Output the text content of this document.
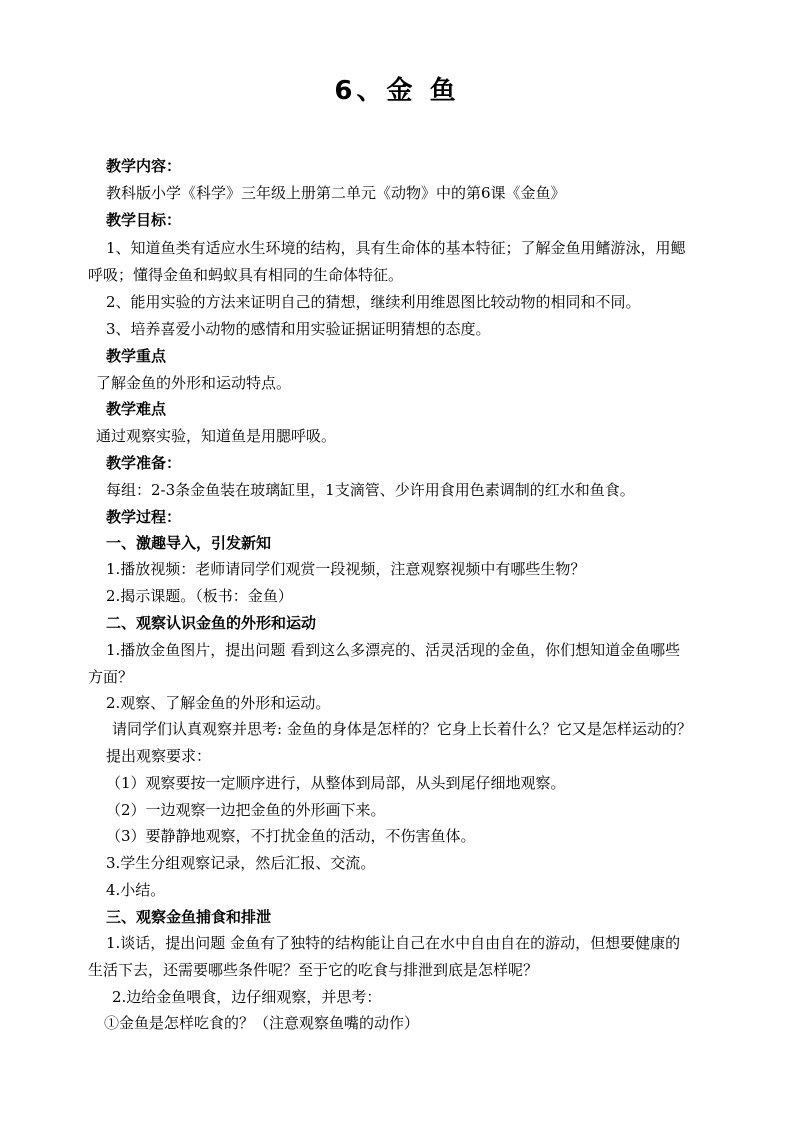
6、金 鱼
教学内容：
教科版小学《科学》三年级上册第二单元《动物》中的第6课《金鱼》
教学目标：
1、知道鱼类有适应水生环境的结构，具有生命体的基本特征；了解金鱼用鳍游泳，用鳃
呼吸；懂得金鱼和蚂蚁具有相同的生命体特征。
2、能用实验的方法来证明自己的猜想，继续利用维恩图比较动物的相同和不同。
3、培养喜爱小动物的感情和用实验证据证明猜想的态度。
教学重点
了解金鱼的外形和运动特点。
教学难点
通过观察实验，知道鱼是用腮呼吸。
教学准备：
每组：2-3条金鱼装在玻璃缸里，1支滴管、少许用食用色素调制的红水和鱼食。
教学过程：
一、激趣导入，引发新知
1.播放视频：老师请同学们观赏一段视频，注意观察视频中有哪些生物？
2.揭示课题。（板书：金鱼）
二、观察认识金鱼的外形和运动
1.播放金鱼图片，提出问题 看到这么多漂亮的、活灵活现的金鱼，你们想知道金鱼哪些
方面？
2.观察、了解金鱼的外形和运动。
请同学们认真观察并思考: 金鱼的身体是怎样的？它身上长着什么？它又是怎样运动的？
提出观察要求：
（1）观察要按一定顺序进行，从整体到局部，从头到尾仔细地观察。
（2）一边观察一边把金鱼的外形画下来。
（3）要静静地观察，不打扰金鱼的活动，不伤害鱼体。
3.学生分组观察记录，然后汇报、交流。
4.小结。
三、观察金鱼捕食和排泄
1.谈话，提出问题 金鱼有了独特的结构能让自己在水中自由自在的游动，但想要健康的
生活下去，还需要哪些条件呢？至于它的吃食与排泄到底是怎样呢？
2.边给金鱼喂食，边仔细观察，并思考：
①金鱼是怎样吃食的？（注意观察鱼嘴的动作）
